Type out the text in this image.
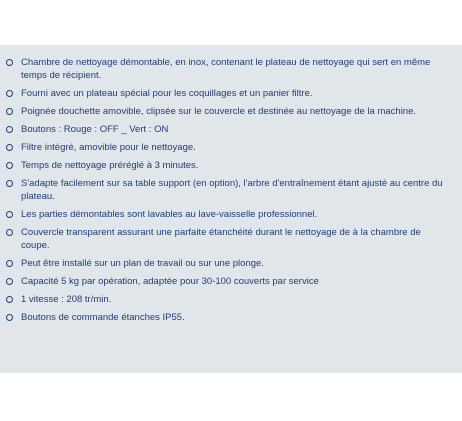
Chambre de nettoyage démontable, en inox, contenant le plateau de nettoyage qui sert en même temps de récipient.
Fourni avec un plateau spécial pour les coquillages et un panier filtre.
Poignée douchette amovible, clipsée sur le couvercle et destinée au nettoyage de la machine.
Boutons : Rouge : OFF _ Vert : ON
Filtre intégré, amovible pour le nettoyage.
Temps de nettoyage préréglé à 3 minutes.
S'adapte facilement sur sa table support (en option), l'arbre d'entraînement étant ajusté au centre du plateau.
Les parties démontables sont lavables au lave-vaisselle professionnel.
Couvercle transparent assurant une parfaite étanchéité durant le nettoyage de à la chambre de coupe.
Peut être installé sur un plan de travail ou sur une plonge.
Capacité 5 kg par opération, adaptée pour 30-100 couverts par service
1 vitesse : 208 tr/min.
Boutons de commande étanches IP55.
